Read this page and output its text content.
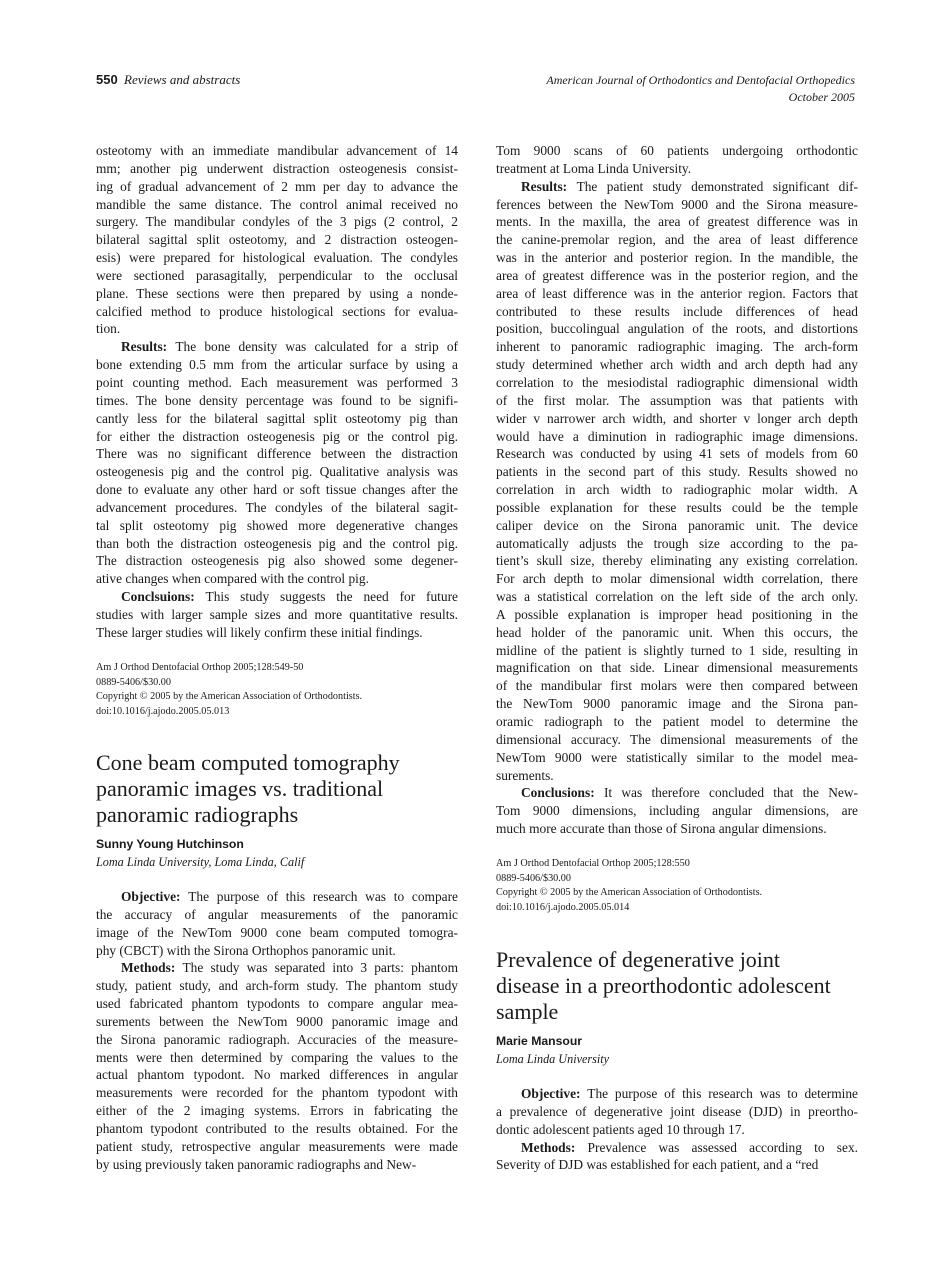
550 Reviews and abstracts	American Journal of Orthodontics and Dentofacial Orthopedics
October 2005

osteotomy with an immediate mandibular advancement of 14
mm; another pig underwent distraction osteogenesis consist-
ing of gradual advancement of 2 mm per day to advance the
mandible the same distance. The control animal received no
surgery. The mandibular condyles of the 3 pigs (2 control, 2
bilateral sagittal split osteotomy, and 2 distraction osteogen-
esis) were prepared for histological evaluation. The condyles
were sectioned parasagitally, perpendicular to the occlusal
plane. These sections were then prepared by using a nonde-
calcified method to produce histological sections for evalua-
tion.

Results: The bone density was calculated for a strip of
bone extending 0.5 mm from the articular surface by using a
point counting method. Each measurement was performed 3
times. The bone density percentage was found to be signifi-
cantly less for the bilateral sagittal split osteotomy pig than
for either the distraction osteogenesis pig or the control pig.
There was no significant difference between the distraction
osteogenesis pig and the control pig. Qualitative analysis was
done to evaluate any other hard or soft tissue changes after the
advancement procedures. The condyles of the bilateral sagit-
tal split osteotomy pig showed more degenerative changes
than both the distraction osteogenesis pig and the control pig.
The distraction osteogenesis pig also showed some degener-
ative changes when compared with the control pig.

Conclsuions: This study suggests the need for future
studies with larger sample sizes and more quantitative results.
These larger studies will likely confirm these initial findings.

Am J Orthod Dentofacial Orthop 2005;128:549-50

0889-5406/$30.00

Copyright © 2005 by the American Association of Orthodontists.

doi:10.1016/j.ajodo.2005.05.013

Cone beam computed tomography
panoramic images vs. traditional
panoramic radiographs

Sunny Young Hutchinson

Loma Linda University, Loma Linda, Calif

Objective: The purpose of this research was to compare
the accuracy of angular measurements of the panoramic
image of the NewTom 9000 cone beam computed tomogra-
phy (CBCT) with the Sirona Orthophos panoramic unit.

Methods: The study was separated into 3 parts: phantom
study, patient study, and arch-form study. The phantom study
used fabricated phantom typodonts to compare angular mea-
surements between the NewTom 9000 panoramic image and
the Sirona panoramic radiograph. Accuracies of the measure-
ments were then determined by comparing the values to the
actual phantom typodont. No marked differences in angular
measurements were recorded for the phantom typodont with
either of the 2 imaging systems. Errors in fabricating the
phantom typodont contributed to the results obtained. For the
patient study, retrospective angular measurements were made
by using previously taken panoramic radiographs and New-

Tom 9000 scans of 60 patients undergoing orthodontic
treatment at Loma Linda University.

Results: The patient study demonstrated significant dif-
ferences between the NewTom 9000 and the Sirona measure-
ments. In the maxilla, the area of greatest difference was in
the canine-premolar region, and the area of least difference
was in the anterior and posterior region. In the mandible, the
area of greatest difference was in the posterior region, and the
area of least difference was in the anterior region. Factors that
contributed to these results include differences of head
position, buccolingual angulation of the roots, and distortions
inherent to panoramic radiographic imaging. The arch-form
study determined whether arch width and arch depth had any
correlation to the mesiodistal radiographic dimensional width
of the first molar. The assumption was that patients with
wider v narrower arch width, and shorter v longer arch depth
would have a diminution in radiographic image dimensions.
Research was conducted by using 41 sets of models from 60
patients in the second part of this study. Results showed no
correlation in arch width to radiographic molar width. A
possible explanation for these results could be the temple
caliper device on the Sirona panoramic unit. The device
automatically adjusts the trough size according to the pa-
tient’s skull size, thereby eliminating any existing correlation.
For arch depth to molar dimensional width correlation, there
was a statistical correlation on the left side of the arch only.
A possible explanation is improper head positioning in the
head holder of the panoramic unit. When this occurs, the
midline of the patient is slightly turned to 1 side, resulting in
magnification on that side. Linear dimensional measurements
of the mandibular first molars were then compared between
the NewTom 9000 panoramic image and the Sirona pan-
oramic radiograph to the patient model to determine the
dimensional accuracy. The dimensional measurements of the
NewTom 9000 were statistically similar to the model mea-
surements.

Conclusions: It was therefore concluded that the New-
Tom 9000 dimensions, including angular dimensions, are
much more accurate than those of Sirona angular dimensions.

Am J Orthod Dentofacial Orthop 2005;128:550

0889-5406/$30.00

Copyright © 2005 by the American Association of Orthodontists.

doi:10.1016/j.ajodo.2005.05.014

Prevalence of degenerative joint
disease in a preorthodontic adolescent
sample

Marie Mansour

Loma Linda University

Objective: The purpose of this research was to determine
a prevalence of degenerative joint disease (DJD) in preortho-
dontic adolescent patients aged 10 through 17.

Methods: Prevalence was assessed according to sex.
Severity of DJD was established for each patient, and a “red
